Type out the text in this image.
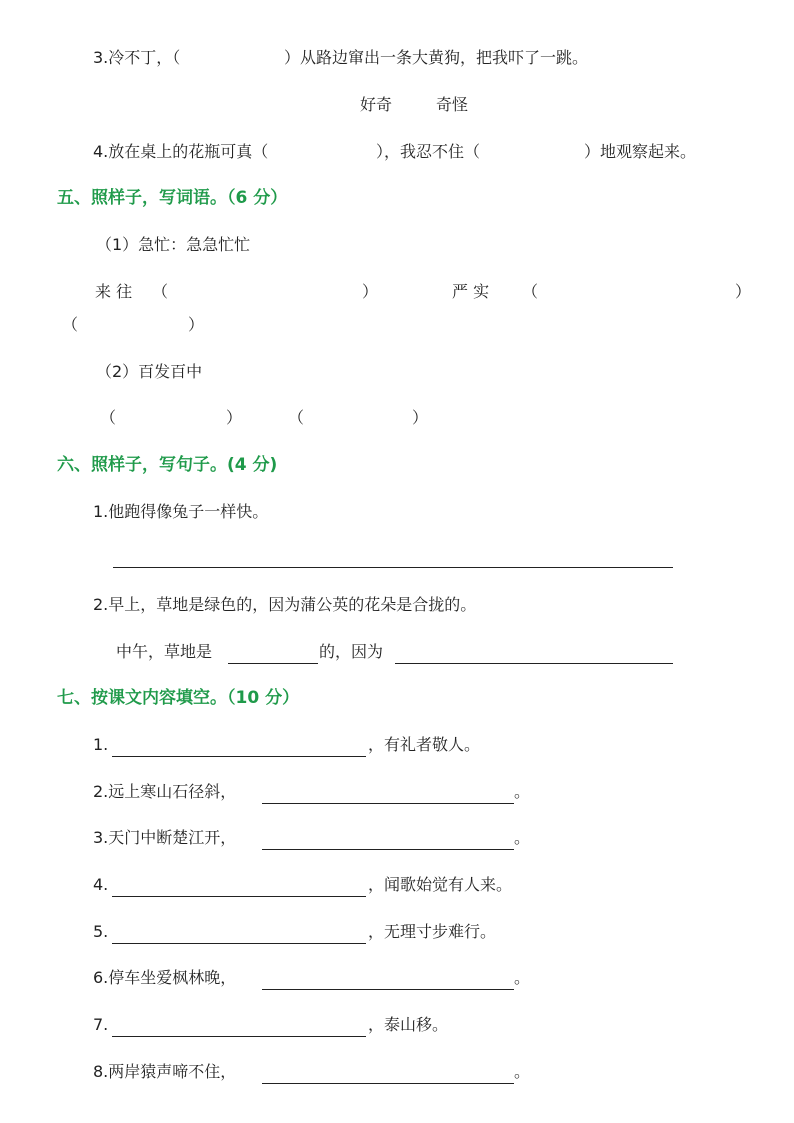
3.冷不丁，（	）从路边窜出一条大黄狗，把我吓了一跳。
好奇	奇怪
4.放在桌上的花瓶可真（	），我忍不住（	）地观察起来。
五、照样子，写词语。（6 分）
（1）急忙：急急忙忙
来 往 （	）	严 实 （	）
（	）
（2）百发百中
（	）	（	）
六、照样子，写句子。(4 分)
1.他跑得像兔子一样快。
2.早上，草地是绿色的，因为蒲公英的花朵是合拢的。
中午，草地是	的，因为
七、按课文内容填空。（10 分）
1.	，有礼者敬人。
2.远上寒山石径斜，	。
3.天门中断楚江开，	。
4.	，闻歌始觉有人来。
5.	，无理寸步难行。
6.停车坐爱枫林晚，	。
7.	，泰山移。
8.两岸猿声啼不住，	。
